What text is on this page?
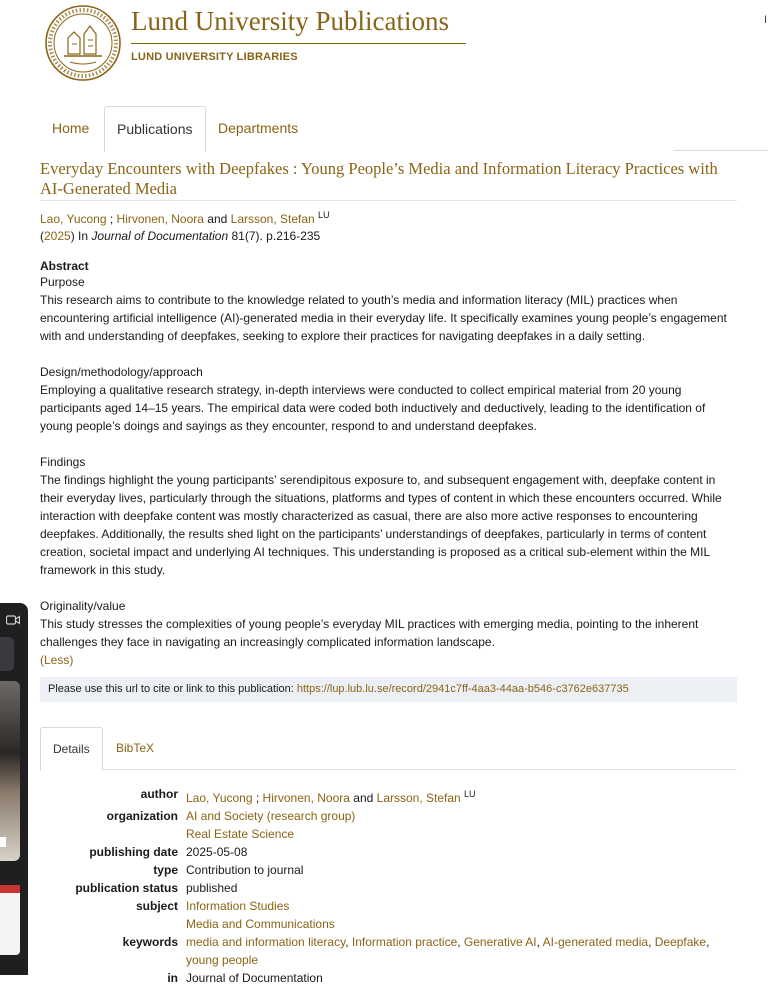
Lund University Publications
LUND UNIVERSITY LIBRARIES
I
Home	Publications	Departments
Everyday Encounters with Deepfakes : Young People’s Media and Information Literacy Practices with AI-Generated Media
Lao, Yucong ; Hirvonen, Noora and Larsson, Stefan $^{LU}$
(2025) In Journal of Documentation 81(7). p.216-235
Abstract
Purpose

This research aims to contribute to the knowledge related to youth’s media and information literacy (MIL) practices when encountering artificial intelligence (AI)-generated media in their everyday life. It specifically examines young people’s engagement with and understanding of deepfakes, seeking to explore their practices for navigating deepfakes in a daily setting.

Design/methodology/approach

Employing a qualitative research strategy, in-depth interviews were conducted to collect empirical material from 20 young participants aged 14–15 years. The empirical data were coded both inductively and deductively, leading to the identification of young people’s doings and sayings as they encounter, respond to and understand deepfakes.

Findings

The findings highlight the young participants’ serendipitous exposure to, and subsequent engagement with, deepfake content in their everyday lives, particularly through the situations, platforms and types of content in which these encounters occurred. While interaction with deepfake content was mostly characterized as casual, there are also more active responses to encountering deepfakes. Additionally, the results shed light on the participants’ understandings of deepfakes, particularly in terms of content creation, societal impact and underlying AI techniques. This understanding is proposed as a critical sub-element within the MIL framework in this study.

Originality/value

This study stresses the complexities of young people’s everyday MIL practices with emerging media, pointing to the inherent challenges they face in navigating an increasingly complicated information landscape.

(Less)
Please use this url to cite or link to this publication: https://lup.lub.lu.se/record/2941c7ff-4aa3-44aa-b546-c3762e637735
Details	BibTeX
author Lao, Yucong ; Hirvonen, Noora and Larsson, Stefan $^{LU}$
organization AI and Society (research group)
Real Estate Science
publishing date 2025-05-08
type Contribution to journal
publication status published
subject Information Studies
Media and Communications
keywords media and information literacy, Information practice, Generative AI, AI-generated media, Deepfake, young people
in Journal of Documentation
